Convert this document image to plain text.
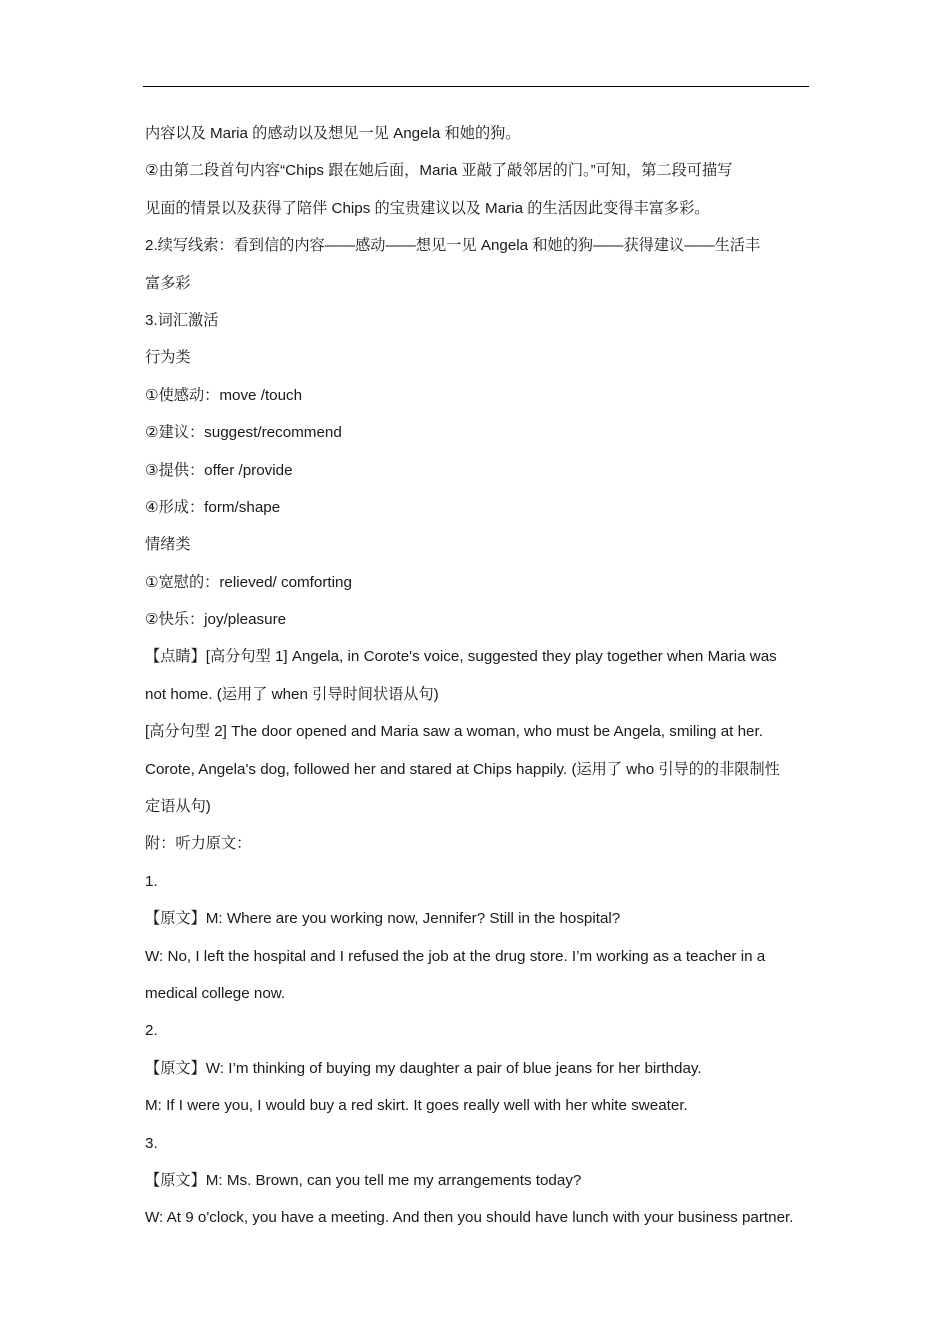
内容以及 Maria 的感动以及想见一见 Angela 和她的狗。
②由第二段首句内容“Chips 跟在她后面，Maria 亚敲了敲邻居的门。”可知，第二段可描写
见面的情景以及获得了陪伴 Chips 的宝贵建议以及 Maria 的生活因此变得丰富多彩。
2.续写线索：看到信的内容——感动——想见一见 Angela 和她的狗——获得建议——生活丰
富多彩
3.词汇激活
行为类
①使感动：move /touch
②建议：suggest/recommend
③提供：offer /provide
④形成：form/shape
情绪类
①宽慰的：relieved/ comforting
②快乐：joy/pleasure
【点睛】[高分句型 1] Angela, in Corote's voice, suggested they play together when Maria was
not home. (运用了 when 引导时间状语从句)
[高分句型 2] The door opened and Maria saw a woman, who must be Angela, smiling at her.
Corote, Angela's dog, followed her and stared at Chips happily. (运用了 who 引导的的非限制性
定语从句)
附：听力原文：
1.
【原文】M: Where are you working now, Jennifer? Still in the hospital?
W: No, I left the hospital and I refused the job at the drug store. I’m working as a teacher in a
medical college now.
2.
【原文】W: I’m thinking of buying my daughter a pair of blue jeans for her birthday.
M: If I were you, I would buy a red skirt. It goes really well with her white sweater.
3.
【原文】M: Ms. Brown, can you tell me my arrangements today?
W: At 9 o'clock, you have a meeting. And then you should have lunch with your business partner.
